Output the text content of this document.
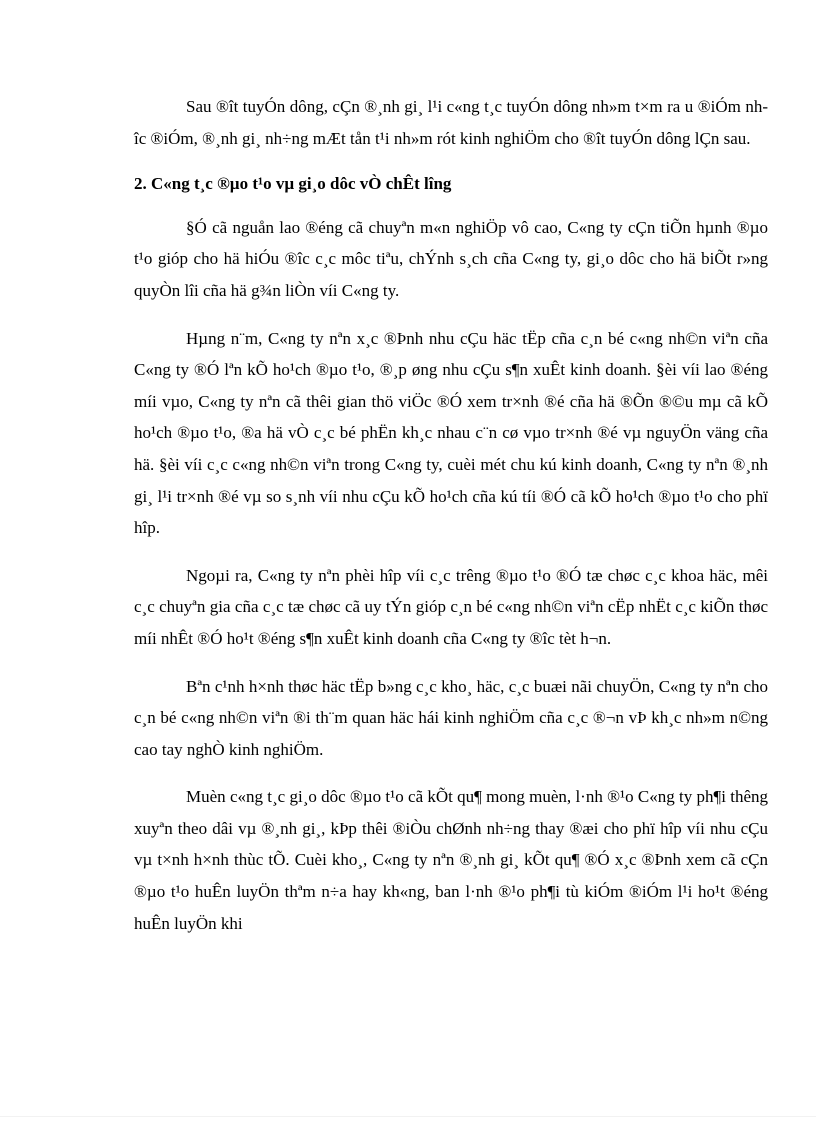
Sau ®ît tuyÓn dông, cÇn ®¸nh gi¸ l¹i c«ng t¸c tuyÓn dông nh»m t×m ra u ®iÓm nhîc ®iÓm, ®¸nh gi¸ nh÷ng mÆt tån t¹i nh»m rót kinh nghiÖm cho ®ît tuyÓn dông lÇn sau.

2. C«ng t¸c ®µo t¹o vµ gi¸o dôc vÒ chÊt lîng

§Ó cã nguån lao ®éng cã chuyªn m«n nghiÖp vô cao, C«ng ty cÇn tiÕn hµnh ®µo t¹o gióp cho hä hiÓu ®îc c¸c môc tiªu, chÝnh s¸ch cña C«ng ty, gi¸o dôc cho hä biÕt r»ng quyÒn lîi cña hä g¾n liÒn víi C«ng ty.

Hµng n¨m, C«ng ty nªn x¸c ®Þnh nhu cÇu häc tËp cña c¸n bé c«ng nh©n viªn cña C«ng ty ®Ó lªn kÕ ho¹ch ®µo t¹o, ®¸p øng nhu cÇu s¶n xuÊt kinh doanh. §èi víi lao ®éng míi vµo, C«ng ty nªn cã thêi gian thö viÖc ®Ó xem tr×nh ®é cña hä ®Õn ®©u mµ cã kÕ ho¹ch ®µo t¹o, ®a hä vÒ c¸c bé phËn kh¸c nhau c¨n cø vµo tr×nh ®é vµ nguyÖn väng cña hä. §èi víi c¸c c«ng nh©n viªn trong C«ng ty, cuèi mét chu kú kinh doanh, C«ng ty nªn ®¸nh gi¸ l¹i tr×nh ®é vµ so s¸nh víi nhu cÇu kÕ ho¹ch cña kú tíi ®Ó cã kÕ ho¹ch ®µo t¹o cho phï hîp.

Ngoµi ra, C«ng ty nªn phèi hîp víi c¸c trêng ®µo t¹o ®Ó tæ chøc c¸c khoa häc, mêi c¸c chuyªn gia cña c¸c tæ chøc cã uy tÝn gióp c¸n bé c«ng nh©n viªn cËp nhËt c¸c kiÕn thøc míi nhÊt ®Ó ho¹t ®éng s¶n xuÊt kinh doanh cña C«ng ty ®îc tèt h¬n.

Bªn c¹nh h×nh thøc häc tËp b»ng c¸c kho¸ häc, c¸c buæi nãi chuyÖn, C«ng ty nªn cho c¸n bé c«ng nh©n viªn ®i th¨m quan häc hái kinh nghiÖm cña c¸c ®¬n vÞ kh¸c nh»m n©ng cao tay nghÒ kinh nghiÖm.

Muèn c«ng t¸c gi¸o dôc ®µo t¹o cã kÕt qu¶ mong muèn, l·nh ®¹o C«ng ty ph¶i thêng xuyªn theo dâi vµ ®¸nh gi¸, kÞp thêi ®iÒu chØnh nh÷ng thay ®æi cho phï hîp víi nhu cÇu vµ t×nh h×nh thùc tÕ. Cuèi kho¸, C«ng ty nªn ®¸nh gi¸ kÕt qu¶ ®Ó x¸c ®Þnh xem cã cÇn ®µo t¹o huÊn luyÖn thªm n÷a hay kh«ng, ban l·nh ®¹o ph¶i tù kiÓm ®iÓm l¹i ho¹t ®éng huÊn luyÖn khi
